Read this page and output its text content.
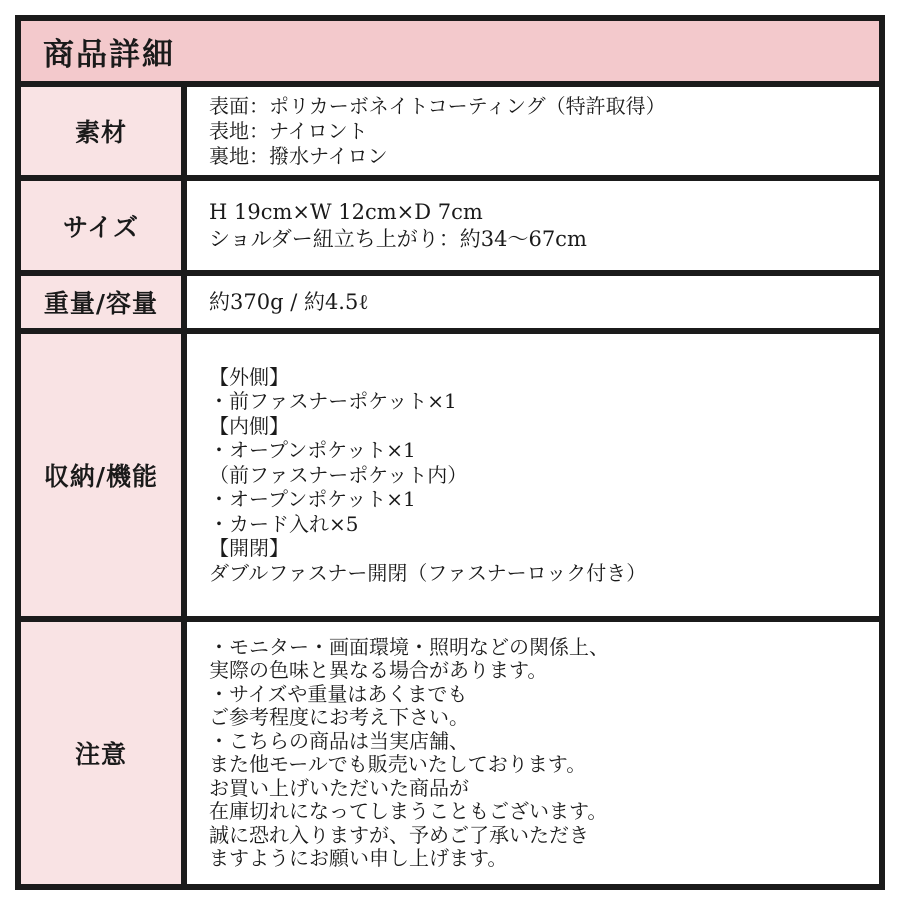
商品詳細
素材
表面：ポリカーボネイトコーティング（特許取得）
表地：ナイロント
裏地：撥水ナイロン
サイズ
H 19cm×W 12cm×D 7cm
ショルダー紐立ち上がり：約34～67cm
重量/容量	約370g / 約4.5ℓ
収納/機能
【外側】
・前ファスナーポケット×1
【内側】
・オープンポケット×1
（前ファスナーポケット内）
・オープンポケット×1
・カード入れ×5
【開閉】
ダブルファスナー開閉（ファスナーロック付き）
注意
・モニター・画面環境・照明などの関係上、
実際の色味と異なる場合があります。
・サイズや重量はあくまでも
ご参考程度にお考え下さい。
・こちらの商品は当実店舗、
また他モールでも販売いたしております。
お買い上げいただいた商品が
在庫切れになってしまうこともございます。
誠に恐れ入りますが、予めご了承いただき
ますようにお願い申し上げます。
